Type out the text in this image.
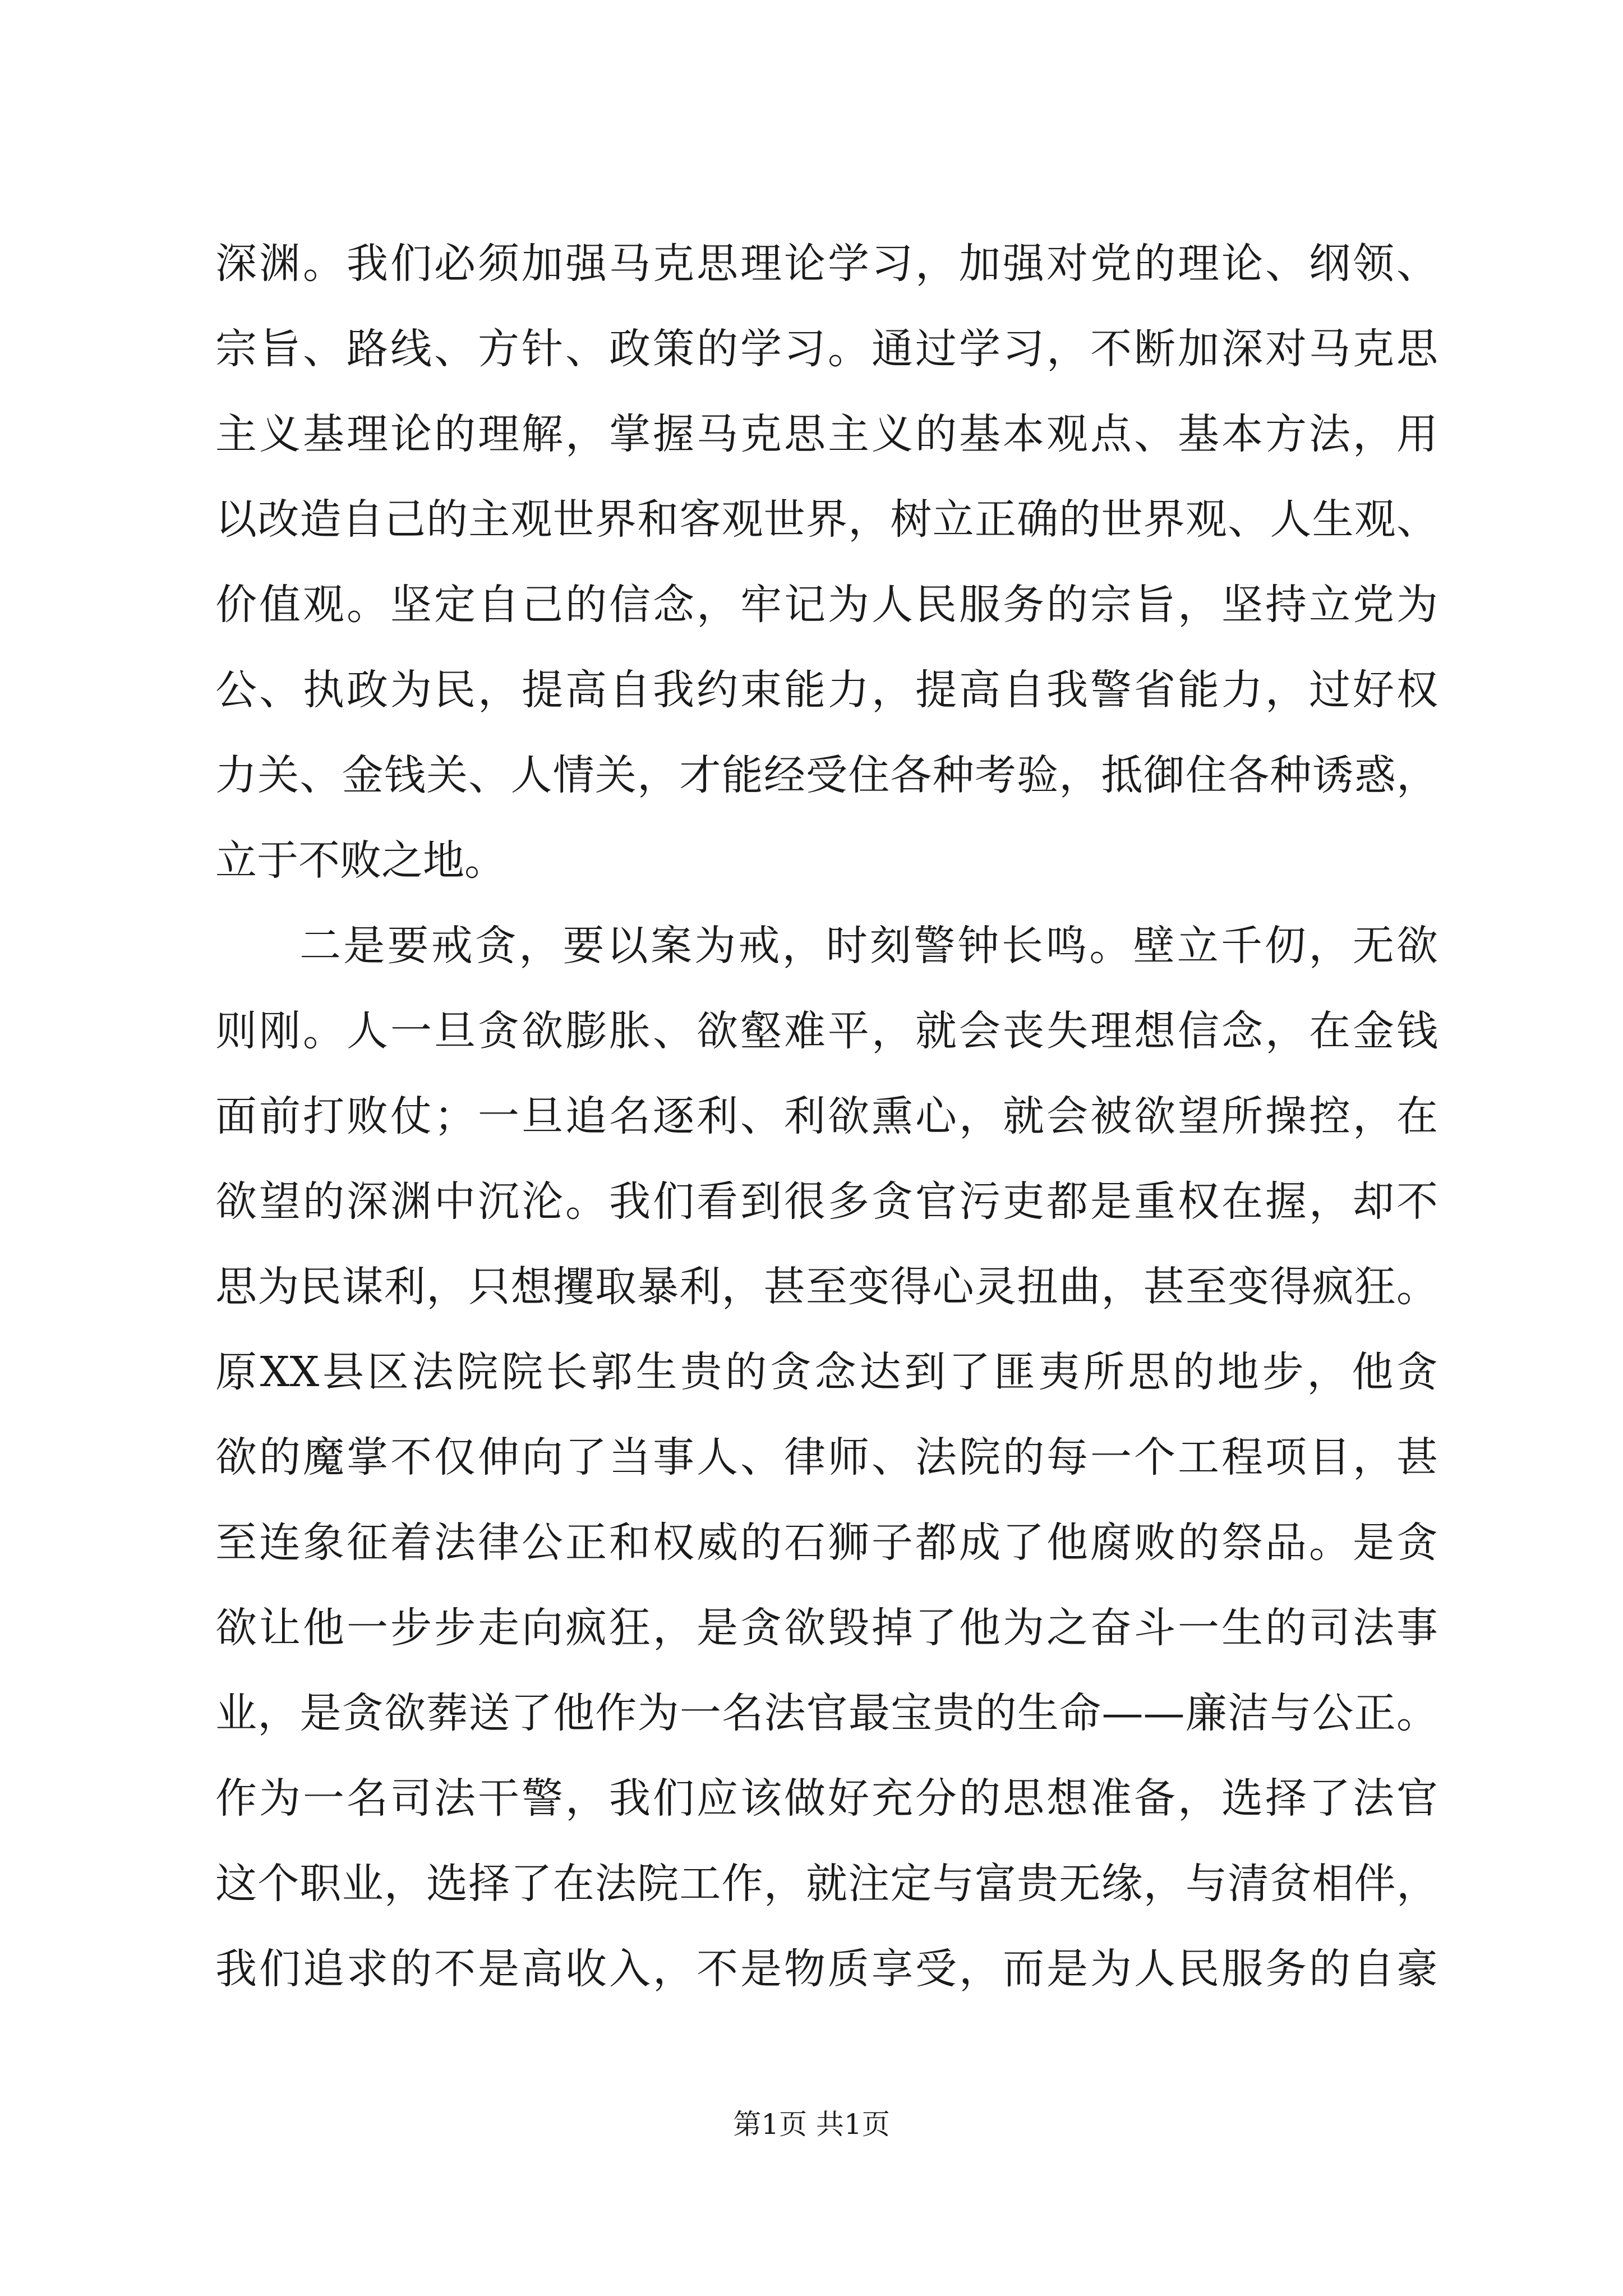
深渊。我们必须加强马克思理论学习，加强对党的理论、纲领、
宗旨、路线、方针、政策的学习。通过学习，不断加深对马克思
主义基理论的理解，掌握马克思主义的基本观点、基本方法，用
以改造自己的主观世界和客观世界，树立正确的世界观、人生观、
价值观。坚定自己的信念，牢记为人民服务的宗旨，坚持立党为
公、执政为民，提高自我约束能力，提高自我警省能力，过好权
力关、金钱关、人情关，才能经受住各种考验，抵御住各种诱惑，
立于不败之地。
二是要戒贪，要以案为戒，时刻警钟长鸣。壁立千仞，无欲
则刚。人一旦贪欲膨胀、欲壑难平，就会丧失理想信念，在金钱
面前打败仗；一旦追名逐利、利欲熏心，就会被欲望所操控，在
欲望的深渊中沉沦。我们看到很多贪官污吏都是重权在握，却不
思为民谋利，只想攫取暴利，甚至变得心灵扭曲，甚至变得疯狂。
原XX县区法院院长郭生贵的贪念达到了匪夷所思的地步，他贪
欲的魔掌不仅伸向了当事人、律师、法院的每一个工程项目，甚
至连象征着法律公正和权威的石狮子都成了他腐败的祭品。是贪
欲让他一步步走向疯狂，是贪欲毁掉了他为之奋斗一生的司法事
业，是贪欲葬送了他作为一名法官最宝贵的生命——廉洁与公正。
作为一名司法干警，我们应该做好充分的思想准备，选择了法官
这个职业，选择了在法院工作，就注定与富贵无缘，与清贫相伴，
我们追求的不是高收入，不是物质享受，而是为人民服务的自豪
第1页 共1页
